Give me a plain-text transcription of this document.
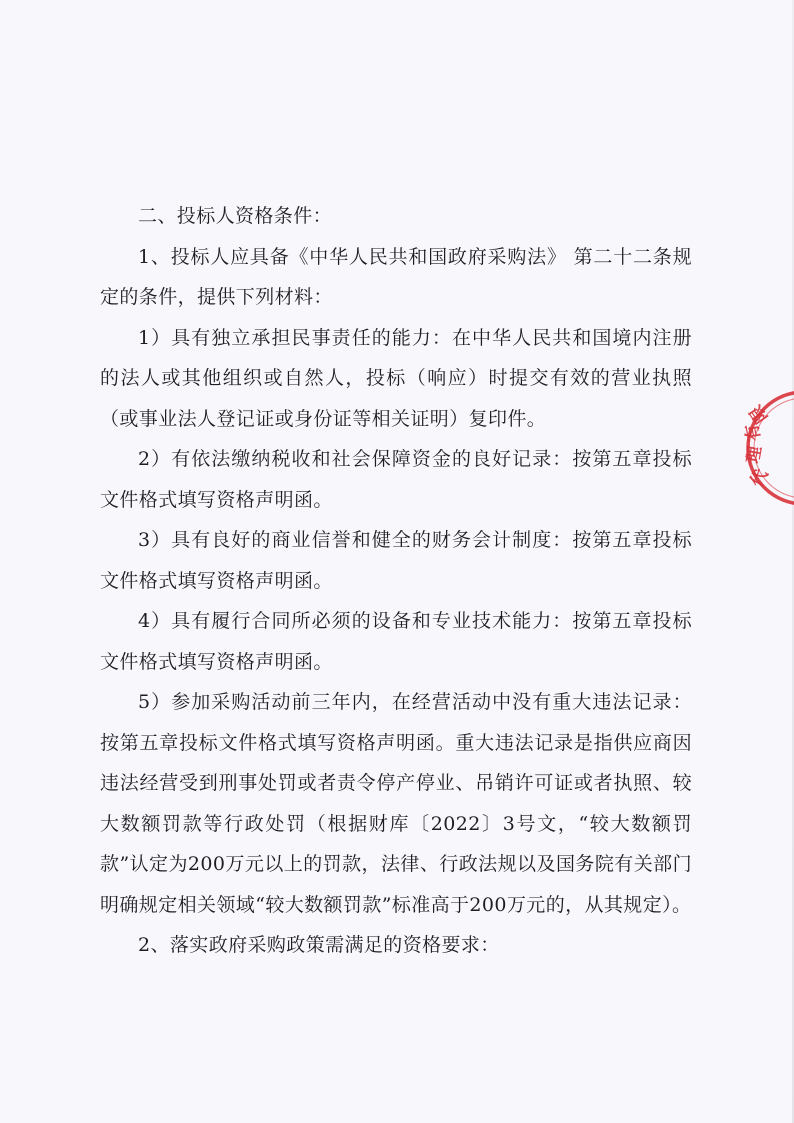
二、投标人资格条件：

1、投标人应具备《中华人民共和国政府采购法》 第二十二条规定的条件，提供下列材料：

1）具有独立承担民事责任的能力：在中华人民共和国境内注册的法人或其他组织或自然人，投标（响应）时提交有效的营业执照（或事业法人登记证或身份证等相关证明）复印件。

2）有依法缴纳税收和社会保障资金的良好记录：按第五章投标文件格式填写资格声明函。

3）具有良好的商业信誉和健全的财务会计制度：按第五章投标文件格式填写资格声明函。

4）具有履行合同所必须的设备和专业技术能力：按第五章投标文件格式填写资格声明函。

5）参加采购活动前三年内，在经营活动中没有重大违法记录：按第五章投标文件格式填写资格声明函。重大违法记录是指供应商因违法经营受到刑事处罚或者责令停产停业、吊销许可证或者执照、较大数额罚款等行政处罚（根据财库〔2022〕3号文，“较大数额罚款”认定为200万元以上的罚款，法律、行政法规以及国务院有关部门明确规定相关领域“较大数额罚款”标准高于200万元的，从其规定）。

2、落实政府采购政策需满足的资格要求：

代
理
有
限
